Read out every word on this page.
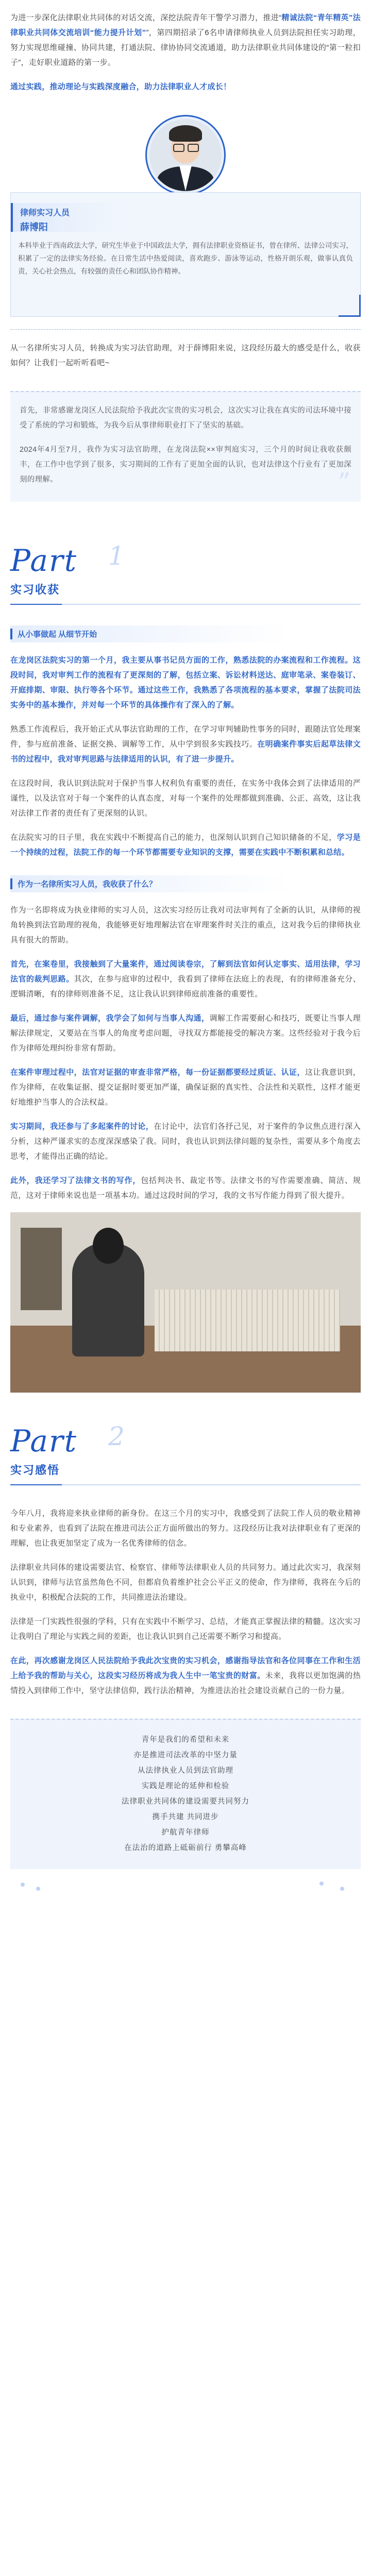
为进一步深化法律职业共同体的对话交流，深挖法院青年干警学习潜力，推进“精诚法院“青年精英”法律职业共同体交流培训“能力提升计划””，第四期招录了6名申请律师执业人员到法院担任实习助理，努力实现思维碰撞、协同共建，打通法院、律协协同交流通道，助力法律职业共同体建设的“第一粒扣子”，走好职业道路的第一步。

通过实践，推动理论与实践深度融合，助力法律职业人才成长！

律师实习人员
薛博阳
本科毕业于西南政法大学，研究生毕业于中国政法大学，拥有法律职业资格证书，曾在律所、法律公司实习，积累了一定的法律实务经验。在日常生活中热爱阅读，喜欢跑步、游泳等运动，性格开朗乐观，做事认真负责，关心社会热点，有较强的责任心和团队协作精神。

从一名律所实习人员，转换成为实习法官助理，对于薛博阳来说，这段经历最大的感受是什么，收获如何？让我们一起听听看吧~

首先，非常感谢龙岗区人民法院给予我此次宝贵的实习机会，这次实习让我在真实的司法环境中接受了系统的学习和锻炼，为我今后从事律师职业打下了坚实的基础。

2024年4月至7月，我作为实习法官助理，在龙岗法院××审判庭实习，三个月的时间让我收获颇丰，在工作中也学到了很多，实习期间的工作有了更加全面的认识，也对法律这个行业有了更加深刻的理解。	”
Part 1
实习收获
从小事做起 从细节开始

在龙岗区法院实习的第一个月，我主要从事书记员方面的工作，熟悉法院的办案流程和工作流程。这段时间，我对审判工作的流程有了更深刻的了解，包括立案、诉讼材料送达、庭审笔录、案卷装订、开庭排期、审限、执行等各个环节。通过这些工作，我熟悉了各项流程的基本要求，掌握了法院司法实务中的基本操作，并对每一个环节的具体操作有了深入的了解。

熟悉工作流程后，我开始正式从事法官助理的工作，在学习审判辅助性事务的同时，跟随法官处理案件，参与庭前准备、证据交换、调解等工作，从中学到很多实践技巧。在明确案件事实后起草法律文书的过程中，我对审判思路与法律适用的认识，有了进一步提升。

在这段时间，我认识到法院对于保护当事人权利负有重要的责任，在实务中我体会到了法律适用的严谨性，以及法官对于每一个案件的认真态度，对每一个案件的处理都做到准确、公正、高效，这让我对法律工作者的责任有了更深刻的认识。

在法院实习的日子里，我在实践中不断提高自己的能力，也深刻认识到自己知识储备的不足，学习是一个持续的过程，法院工作的每一个环节都需要专业知识的支撑，需要在实践中不断积累和总结。

作为一名律所实习人员，我收获了什么？

作为一名即将成为执业律师的实习人员，这次实习经历让我对司法审判有了全新的认识，从律师的视角转换到法官助理的视角，我能够更好地理解法官在审理案件时关注的重点，这对我今后的律师执业具有很大的帮助。

首先，在案卷里，我接触到了大量案件，通过阅读卷宗，了解到法官如何认定事实、适用法律，学习法官的裁判思路。其次，在参与庭审的过程中，我看到了律师在法庭上的表现，有的律师准备充分、逻辑清晰，有的律师则准备不足，这让我认识到律师庭前准备的重要性。

最后，通过参与案件调解，我学会了如何与当事人沟通，调解工作需要耐心和技巧，既要让当事人理解法律规定，又要站在当事人的角度考虑问题，寻找双方都能接受的解决方案。这些经验对于我今后作为律师处理纠纷非常有帮助。

在案件审理过程中，法官对证据的审查非常严格，每一份证据都要经过质证、认证，这让我意识到，作为律师，在收集证据、提交证据时要更加严谨，确保证据的真实性、合法性和关联性，这样才能更好地维护当事人的合法权益。

实习期间，我还参与了多起案件的讨论，在讨论中，法官们各抒己见，对于案件的争议焦点进行深入分析，这种严谨求实的态度深深感染了我。同时，我也认识到法律问题的复杂性，需要从多个角度去思考，才能得出正确的结论。

此外，我还学习了法律文书的写作，包括判决书、裁定书等。法律文书的写作需要准确、简洁、规范，这对于律师来说也是一项基本功。通过这段时间的学习，我的文书写作能力得到了很大提升。

Part 2
实习感悟

今年八月，我将迎来执业律师的新身份。在这三个月的实习中，我感受到了法院工作人员的敬业精神和专业素养，也看到了法院在推进司法公正方面所做出的努力。这段经历让我对法律职业有了更深的理解，也让我更加坚定了成为一名优秀律师的信念。

法律职业共同体的建设需要法官、检察官、律师等法律职业人员的共同努力。通过此次实习，我深刻认识到，律师与法官虽然角色不同，但都肩负着维护社会公平正义的使命，作为律师，我将在今后的执业中，积极配合法院的工作，共同推进法治建设。

法律是一门实践性很强的学科，只有在实践中不断学习、总结，才能真正掌握法律的精髓。这次实习让我明白了理论与实践之间的差距，也让我认识到自己还需要不断学习和提高。

在此，再次感谢龙岗区人民法院给予我此次宝贵的实习机会，感谢指导法官和各位同事在工作和生活上给予我的帮助与关心，这段实习经历将成为我人生中一笔宝贵的财富。未来，我将以更加饱满的热情投入到律师工作中，坚守法律信仰，践行法治精神，为推进法治社会建设贡献自己的一份力量。

青年是我们的希望和未来
亦是推进司法改革的中坚力量
从法律执业人员到法官助理
实践是理论的延伸和检验
法律职业共同体的建设需要共同努力
携手共建 共同进步
护航青年律师
在法治的道路上砥砺前行 勇攀高峰
